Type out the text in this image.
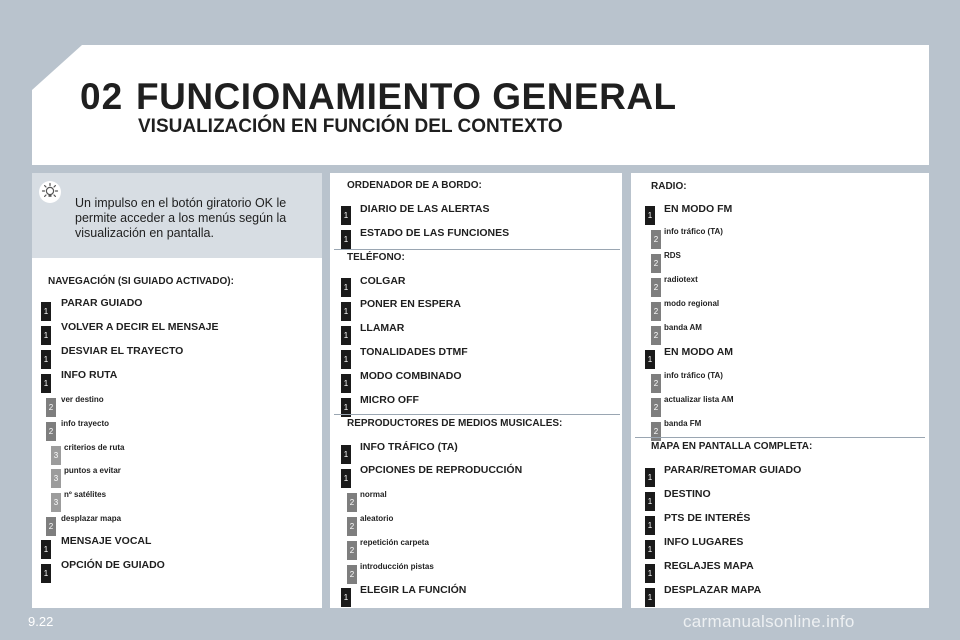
02 FUNCIONAMIENTO GENERAL
VISUALIZACIÓN EN FUNCIÓN DEL CONTEXTO
Un impulso en el botón giratorio OK le permite acceder a los menús según la visualización en pantalla.
NAVEGACIÓN (SI GUIADO ACTIVADO):
1
PARAR GUIADO
1
VOLVER A DECIR EL MENSAJE
1
DESVIAR EL TRAYECTO
1
INFO RUTA
2
ver destino
2
info trayecto
3
criterios de ruta
3
puntos a evitar
3
nº satélites
2
desplazar mapa
1
MENSAJE VOCAL
1
OPCIÓN DE GUIADO
ORDENADOR DE A BORDO:
1
DIARIO DE LAS ALERTAS
1
ESTADO DE LAS FUNCIONES
TELÉFONO:
1
COLGAR
1
PONER EN ESPERA
1
LLAMAR
1
TONALIDADES DTMF
1
MODO COMBINADO
1
MICRO OFF
REPRODUCTORES DE MEDIOS MUSICALES:
1
INFO TRÁFICO (TA)
1
OPCIONES DE REPRODUCCIÓN
2
normal
2
aleatorio
2
repetición carpeta
2
introducción pistas
1
ELEGIR LA FUNCIÓN
RADIO:
1
EN MODO FM
2
info tráfico (TA)
2
RDS
2
radiotext
2
modo regional
2
banda AM
1
EN MODO AM
2
info tráfico (TA)
2
actualizar lista AM
2
banda FM
MAPA EN PANTALLA COMPLETA:
1
PARAR/RETOMAR GUIADO
1
DESTINO
1
PTS DE INTERÉS
1
INFO LUGARES
1
REGLAJES MAPA
1
DESPLAZAR MAPA
9.22	carmanualsonline.info
